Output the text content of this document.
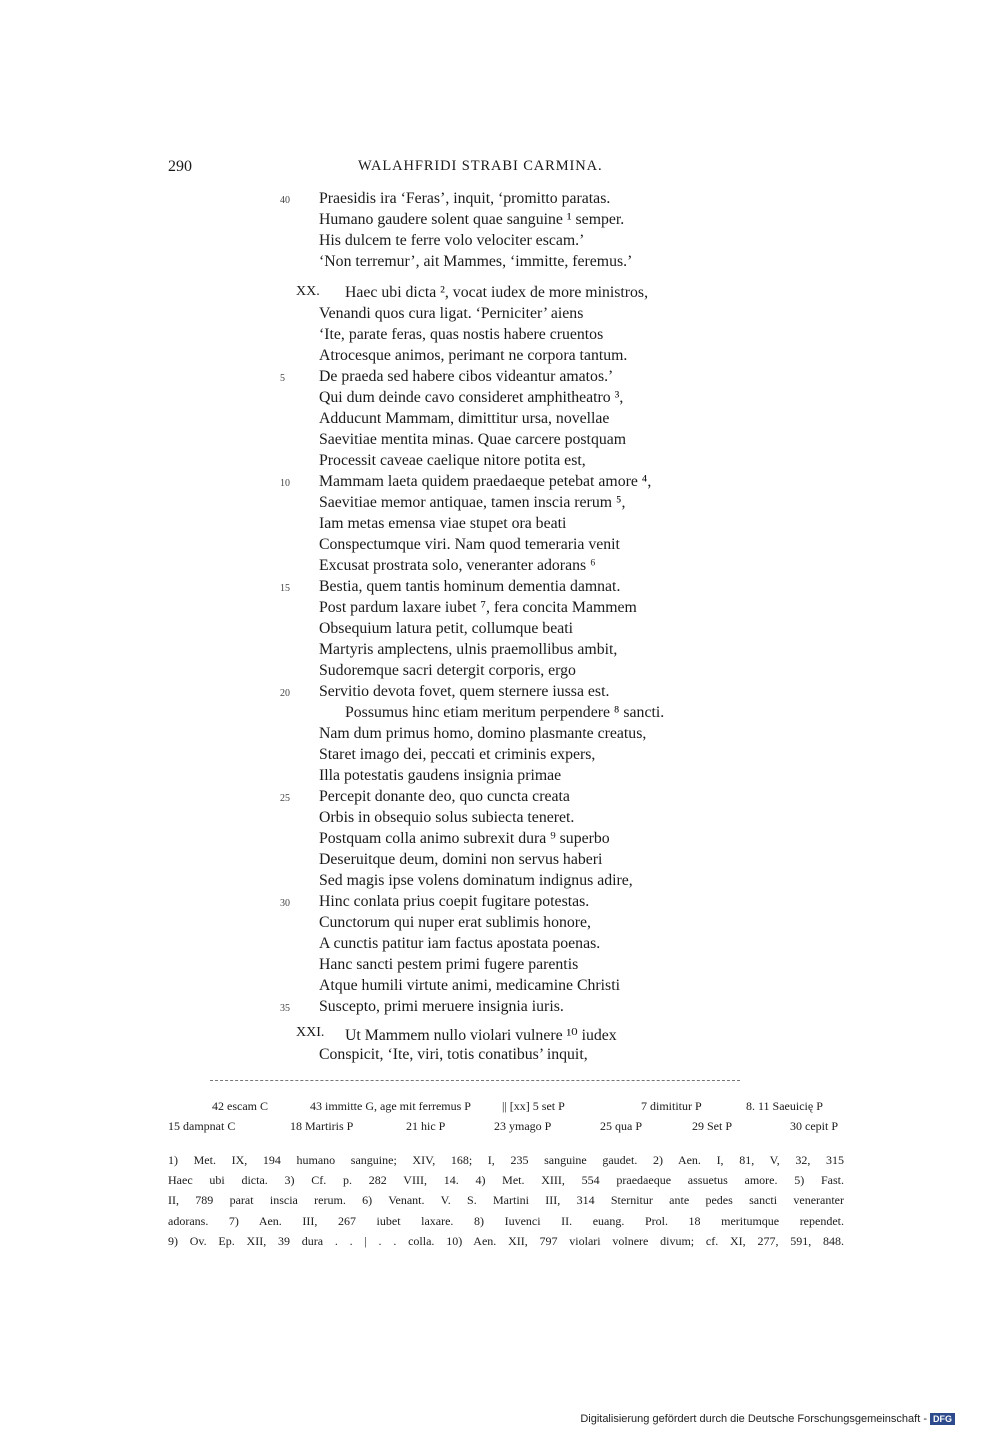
290	WALAHFRIDI STRABI CARMINA.
40 Praesidis ira ‘Feras’, inquit, ‘promitto paratas.
Humano gaudere solent quae sanguine ¹ semper.
His dulcem te ferre volo velociter escam.’
‘Non terremur’, ait Mammes, ‘immitte, feremus.’
XX. Haec ubi dicta ², vocat iudex de more ministros,
Venandi quos cura ligat. ‘Perniciter’ aiens
‘Ite, parate feras, quas nostis habere cruentos
Atrocesque animos, perimant ne corpora tantum.
5 De praeda sed habere cibos videantur amatos.’
Qui dum deinde cavo consideret amphitheatro ³,
Adducunt Mammam, dimittitur ursa, novellae
Saevitiae mentita minas. Quae carcere postquam
Processit caveae caelique nitore potita est,
10 Mammam laeta quidem praedaeque petebat amore ⁴,
Saevitiae memor antiquae, tamen inscia rerum ⁵,
Iam metas emensa viae stupet ora beati
Conspectumque viri. Nam quod temeraria venit
Excusat prostrata solo, veneranter adorans ⁶
15 Bestia, quem tantis hominum dementia damnat.
Post pardum laxare iubet ⁷, fera concita Mammem
Obsequium latura petit, collumque beati
Martyris amplectens, ulnis praemollibus ambit,
Sudoremque sacri detergit corporis, ergo
20 Servitio devota fovet, quem sternere iussa est.
Possumus hinc etiam meritum perpendere ⁸ sancti.
Nam dum primus homo, domino plasmante creatus,
Staret imago dei, peccati et criminis expers,
Illa potestatis gaudens insignia primae
25 Percepit donante deo, quo cuncta creata
Orbis in obsequio solus subiecta teneret.
Postquam colla animo subrexit dura ⁹ superbo
Deseruitque deum, domini non servus haberi
Sed magis ipse volens dominatum indignus adire,
30 Hinc conlata prius coepit fugitare potestas.
Cunctorum qui nuper erat sublimis honore,
A cunctis patitur iam factus apostata poenas.
Hanc sancti pestem primi fugere parentis
Atque humili virtute animi, medicamine Christi
35 Suscepto, primi meruere insignia iuris.
XXI. Ut Mammem nullo violari vulnere ¹⁰ iudex
Conspicit, ‘Ite, viri, totis conatibus’ inquit,
42 escam C	43 immitte G, age mit ferremus P	|| [xx] 5 set P	7 dimititur P	8. 11 Saeuicię P
15 dampnat C	18 Martiris P	21 hic P	23 ymago P	25 qua P	29 Set P	30 cepit P
1) Met. IX, 194 humano sanguine; XIV, 168; I, 235 sanguine gaudet. 2) Aen. I, 81, V, 32, 315
Haec ubi dicta. 3) Cf. p. 282 VIII, 14. 4) Met. XIII, 554 praedaeque assuetus amore. 5) Fast.
II, 789 parat inscia rerum. 6) Venant. V. S. Martini III, 314 Sternitur ante pedes sancti veneranter
adorans. 7) Aen. III, 267 iubet laxare. 8) Iuvenci II. euang. Prol. 18 meritumque rependet.
9) Ov. Ep. XII, 39 dura . . | . . colla. 10) Aen. XII, 797 violari volnere divum; cf. XI, 277, 591, 848.
Digitalisierung gefördert durch die Deutsche Forschungsgemeinschaft - DFG
